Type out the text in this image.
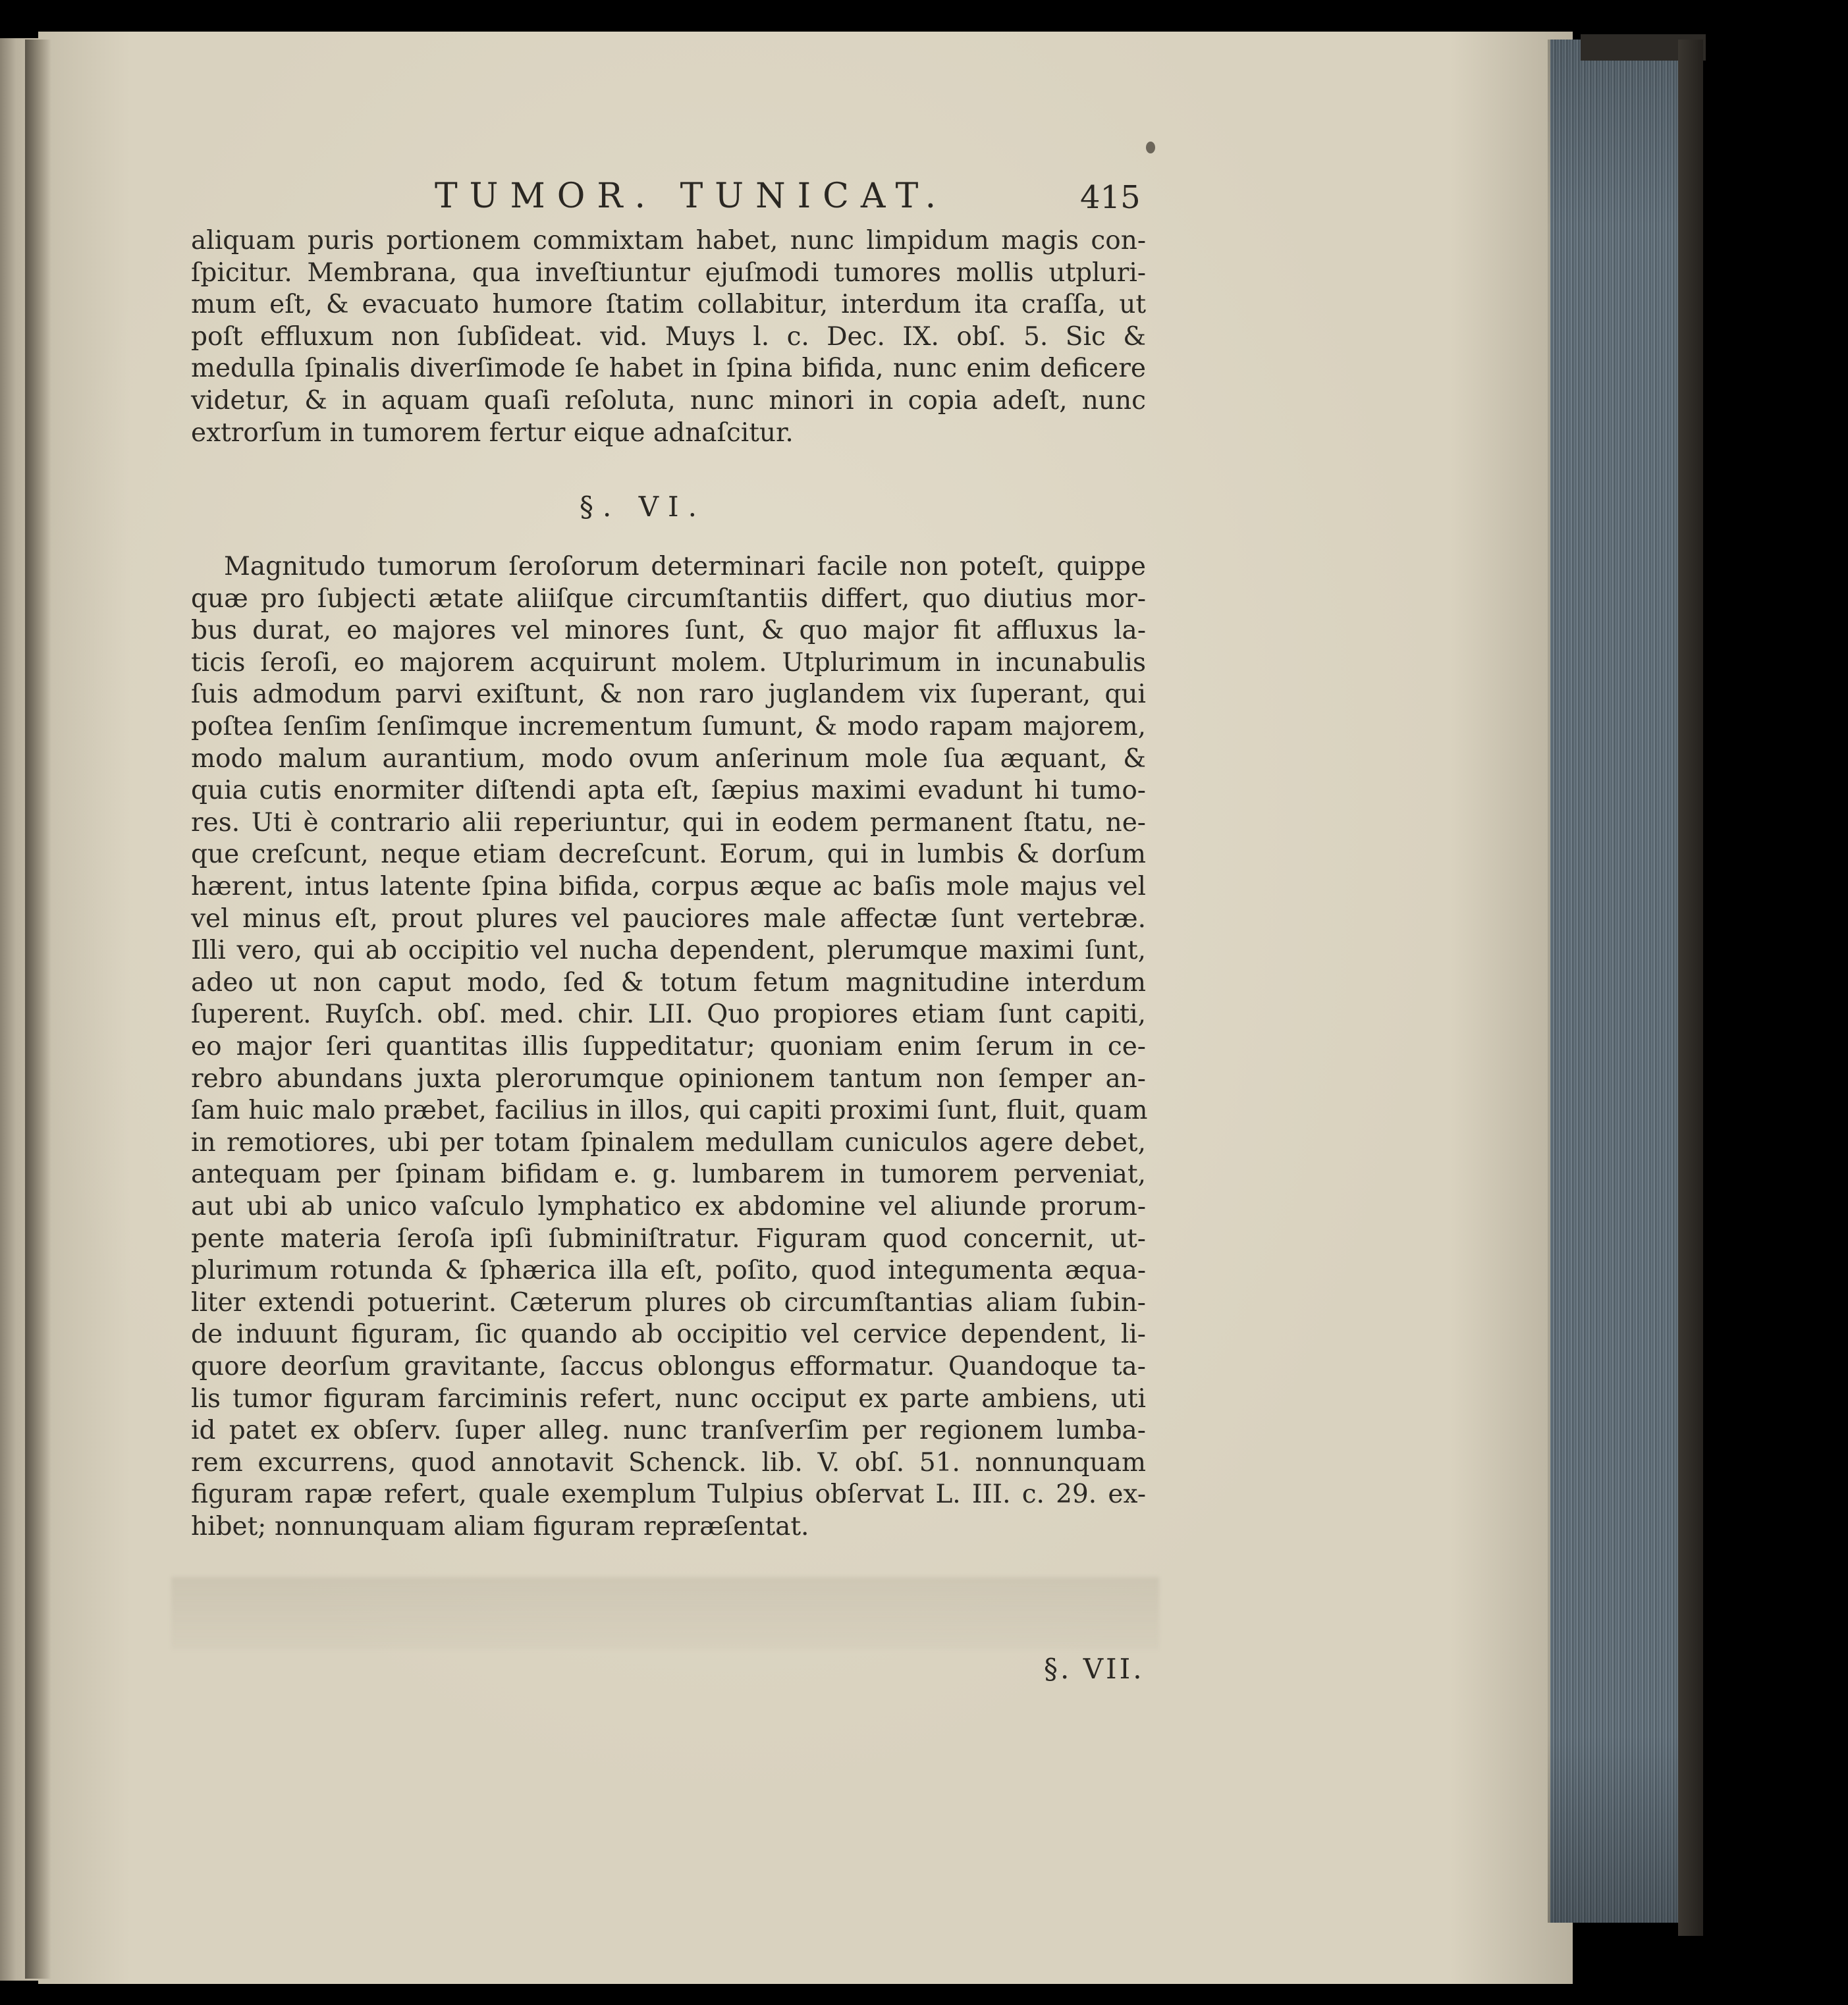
TUMOR. TUNICAT.	415
§. VI.
§. VII.
aliquam puris portionem commixtam habet, nunc limpidum magis con-
ſpicitur. Membrana, qua inveſtiuntur ejuſmodi tumores mollis utpluri-
mum eſt, & evacuato humore ſtatim collabitur, interdum ita craſſa, ut
poſt effluxum non ſubſideat. vid. Muys l. c. Dec. IX. obſ. 5. Sic &
medulla ſpinalis diverſimode ſe habet in ſpina bifida, nunc enim deficere
videtur, & in aquam quaſi reſoluta, nunc minori in copia adeſt, nunc
extrorſum in tumorem fertur eique adnaſcitur.
Magnitudo tumorum ſeroſorum determinari facile non poteſt, quippe
quæ pro ſubjecti ætate aliiſque circumſtantiis differt, quo diutius mor-
bus durat, eo majores vel minores ſunt, & quo major fit affluxus la-
ticis ſeroſi, eo majorem acquirunt molem. Utplurimum in incunabulis
ſuis admodum parvi exiſtunt, & non raro juglandem vix ſuperant, qui
poſtea ſenſim ſenſimque incrementum ſumunt, & modo rapam majorem,
modo malum aurantium, modo ovum anſerinum mole ſua æquant, &
quia cutis enormiter diſtendi apta eſt, ſæpius maximi evadunt hi tumo-
res. Uti è contrario alii reperiuntur, qui in eodem permanent ſtatu, ne-
que creſcunt, neque etiam decreſcunt. Eorum, qui in lumbis & dorſum
hærent, intus latente ſpina bifida, corpus æque ac baſis mole majus vel
vel minus eſt, prout plures vel pauciores male affectæ ſunt vertebræ.
Illi vero, qui ab occipitio vel nucha dependent, plerumque maximi ſunt,
adeo ut non caput modo, ſed & totum fetum magnitudine interdum
ſuperent. Ruyſch. obſ. med. chir. LII. Quo propiores etiam ſunt capiti,
eo major ſeri quantitas illis ſuppeditatur; quoniam enim ſerum in ce-
rebro abundans juxta plerorumque opinionem tantum non ſemper an-
ſam huic malo præbet, facilius in illos, qui capiti proximi ſunt, fluit, quam
in remotiores, ubi per totam ſpinalem medullam cuniculos agere debet,
antequam per ſpinam bifidam e. g. lumbarem in tumorem perveniat,
aut ubi ab unico vaſculo lymphatico ex abdomine vel aliunde prorum-
pente materia ſeroſa ipſi ſubminiſtratur. Figuram quod concernit, ut-
plurimum rotunda & ſphærica illa eſt, poſito, quod integumenta æqua-
liter extendi potuerint. Cæterum plures ob circumſtantias aliam ſubin-
de induunt figuram, ſic quando ab occipitio vel cervice dependent, li-
quore deorſum gravitante, ſaccus oblongus efformatur. Quandoque ta-
lis tumor figuram farciminis refert, nunc occiput ex parte ambiens, uti
id patet ex obſerv. ſuper alleg. nunc tranſverſim per regionem lumba-
rem excurrens, quod annotavit Schenck. lib. V. obſ. 51. nonnunquam
figuram rapæ refert, quale exemplum Tulpius obſervat L. III. c. 29. ex-
hibet; nonnunquam aliam figuram repræſentat.
